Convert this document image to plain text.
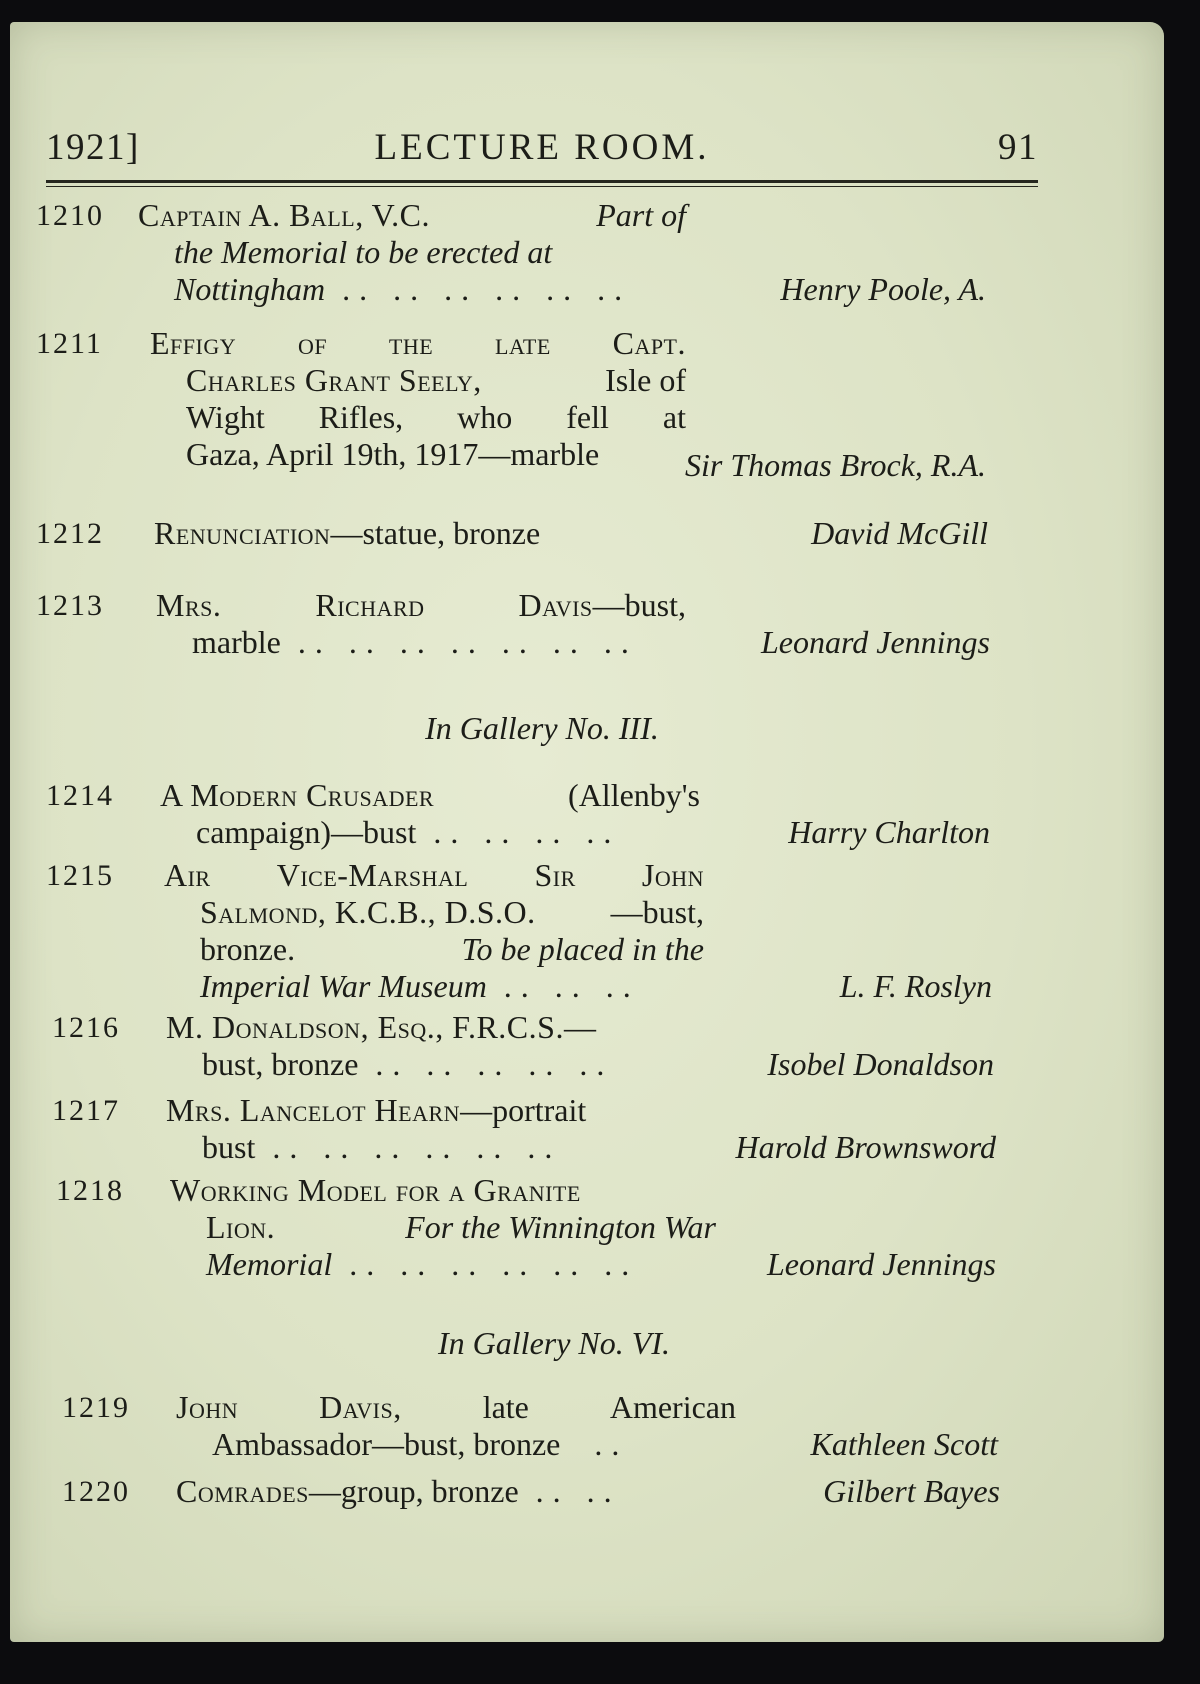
1921]	LECTURE ROOM.	91
1210 Captain A. Ball, V.C.	Part of
the Memorial to be erected at
Nottingham .. .. .. .. .. ..	Henry Poole, A.
1211 Effigy of the late Capt.
Charles Grant Seely,	Isle of
Wight Rifles, who fell at
Gaza, April 19th, 1917—marble	Sir Thomas Brock, R.A.
1212 Renunciation—statue, bronze	David McGill
1213 Mrs.	Richard	Davis—bust,
marble .. .. .. .. .. .. ..	Leonard Jennings
In Gallery No. III.
1214 A Modern Crusader	(Allenby's
campaign)—bust .. .. .. ..	Harry Charlton
1215 Air Vice-Marshal Sir John
Salmond, K.C.B., D.S.O. —bust,
bronze.	To be placed in the
Imperial War Museum .. .. ..	L. F. Roslyn
1216 M. Donaldson, Esq., F.R.C.S.—
bust, bronze .. .. .. .. ..	Isobel Donaldson
1217 Mrs. Lancelot Hearn—portrait
bust .. .. .. .. .. ..	Harold Brownsword
1218 Working Model for a Granite
Lion.	For the Winnington War
Memorial .. .. .. .. .. ..	Leonard Jennings
In Gallery No. VI.
1219 John	Davis,	late	American
Ambassador—bust, bronze  ..	Kathleen Scott
1220 Comrades—group, bronze .. ..	Gilbert Bayes
